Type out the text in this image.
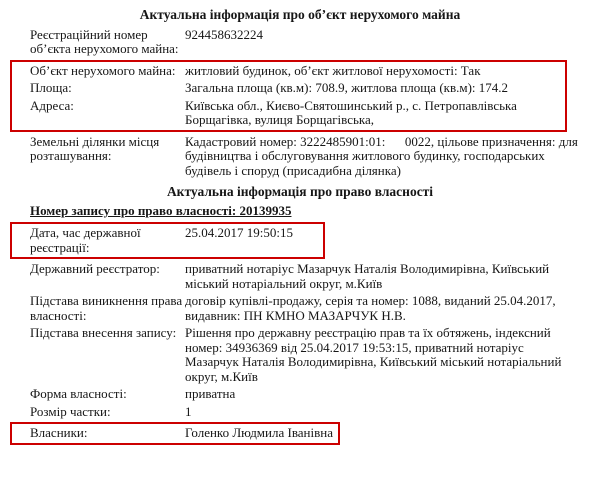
Актуальна інформація про об’єкт нерухомого майна
Реєстраційний номер об’єкта нерухомого майна:
924458632224
Об’єкт нерухомого майна: житловий будинок, об’єкт житлової нерухомості: Так
Площа:	Загальна площа (кв.м): 708.9, житлова площа (кв.м): 174.2
Адреса:	Київська обл., Києво-Святошинський р., с. Петропавлівська Борщагівка, вулиця Борщагівська,
Земельні ділянки місця розташування:
Кадастровий номер: 3222485901:01:      0022, цільове призначення: для будівництва і обслуговування житлового будинку, господарських будівель і споруд (присадибна ділянка)
Актуальна інформація про право власності
Номер запису про право власності: 20139935
Дата, час державної реєстрації:
25.04.2017 19:50:15
Державний реєстратор:	приватний нотаріус Мазарчук Наталія Володимирівна, Київський міський нотаріальний округ, м.Київ
Підстава виникнення права власності:
договір купівлі-продажу, серія та номер: 1088, виданий 25.04.2017, видавник: ПН КМНО МАЗАРЧУК Н.В.
Підстава внесення запису: Рішення про державну реєстрацію прав та їх обтяжень, індексний номер: 34936369 від 25.04.2017 19:53:15, приватний нотаріус Мазарчук Наталія Володимирівна, Київський міський нотаріальний округ, м.Київ
Форма власності:	приватна
Розмір частки:	1
Власники:	Голенко Людмила Іванівна
